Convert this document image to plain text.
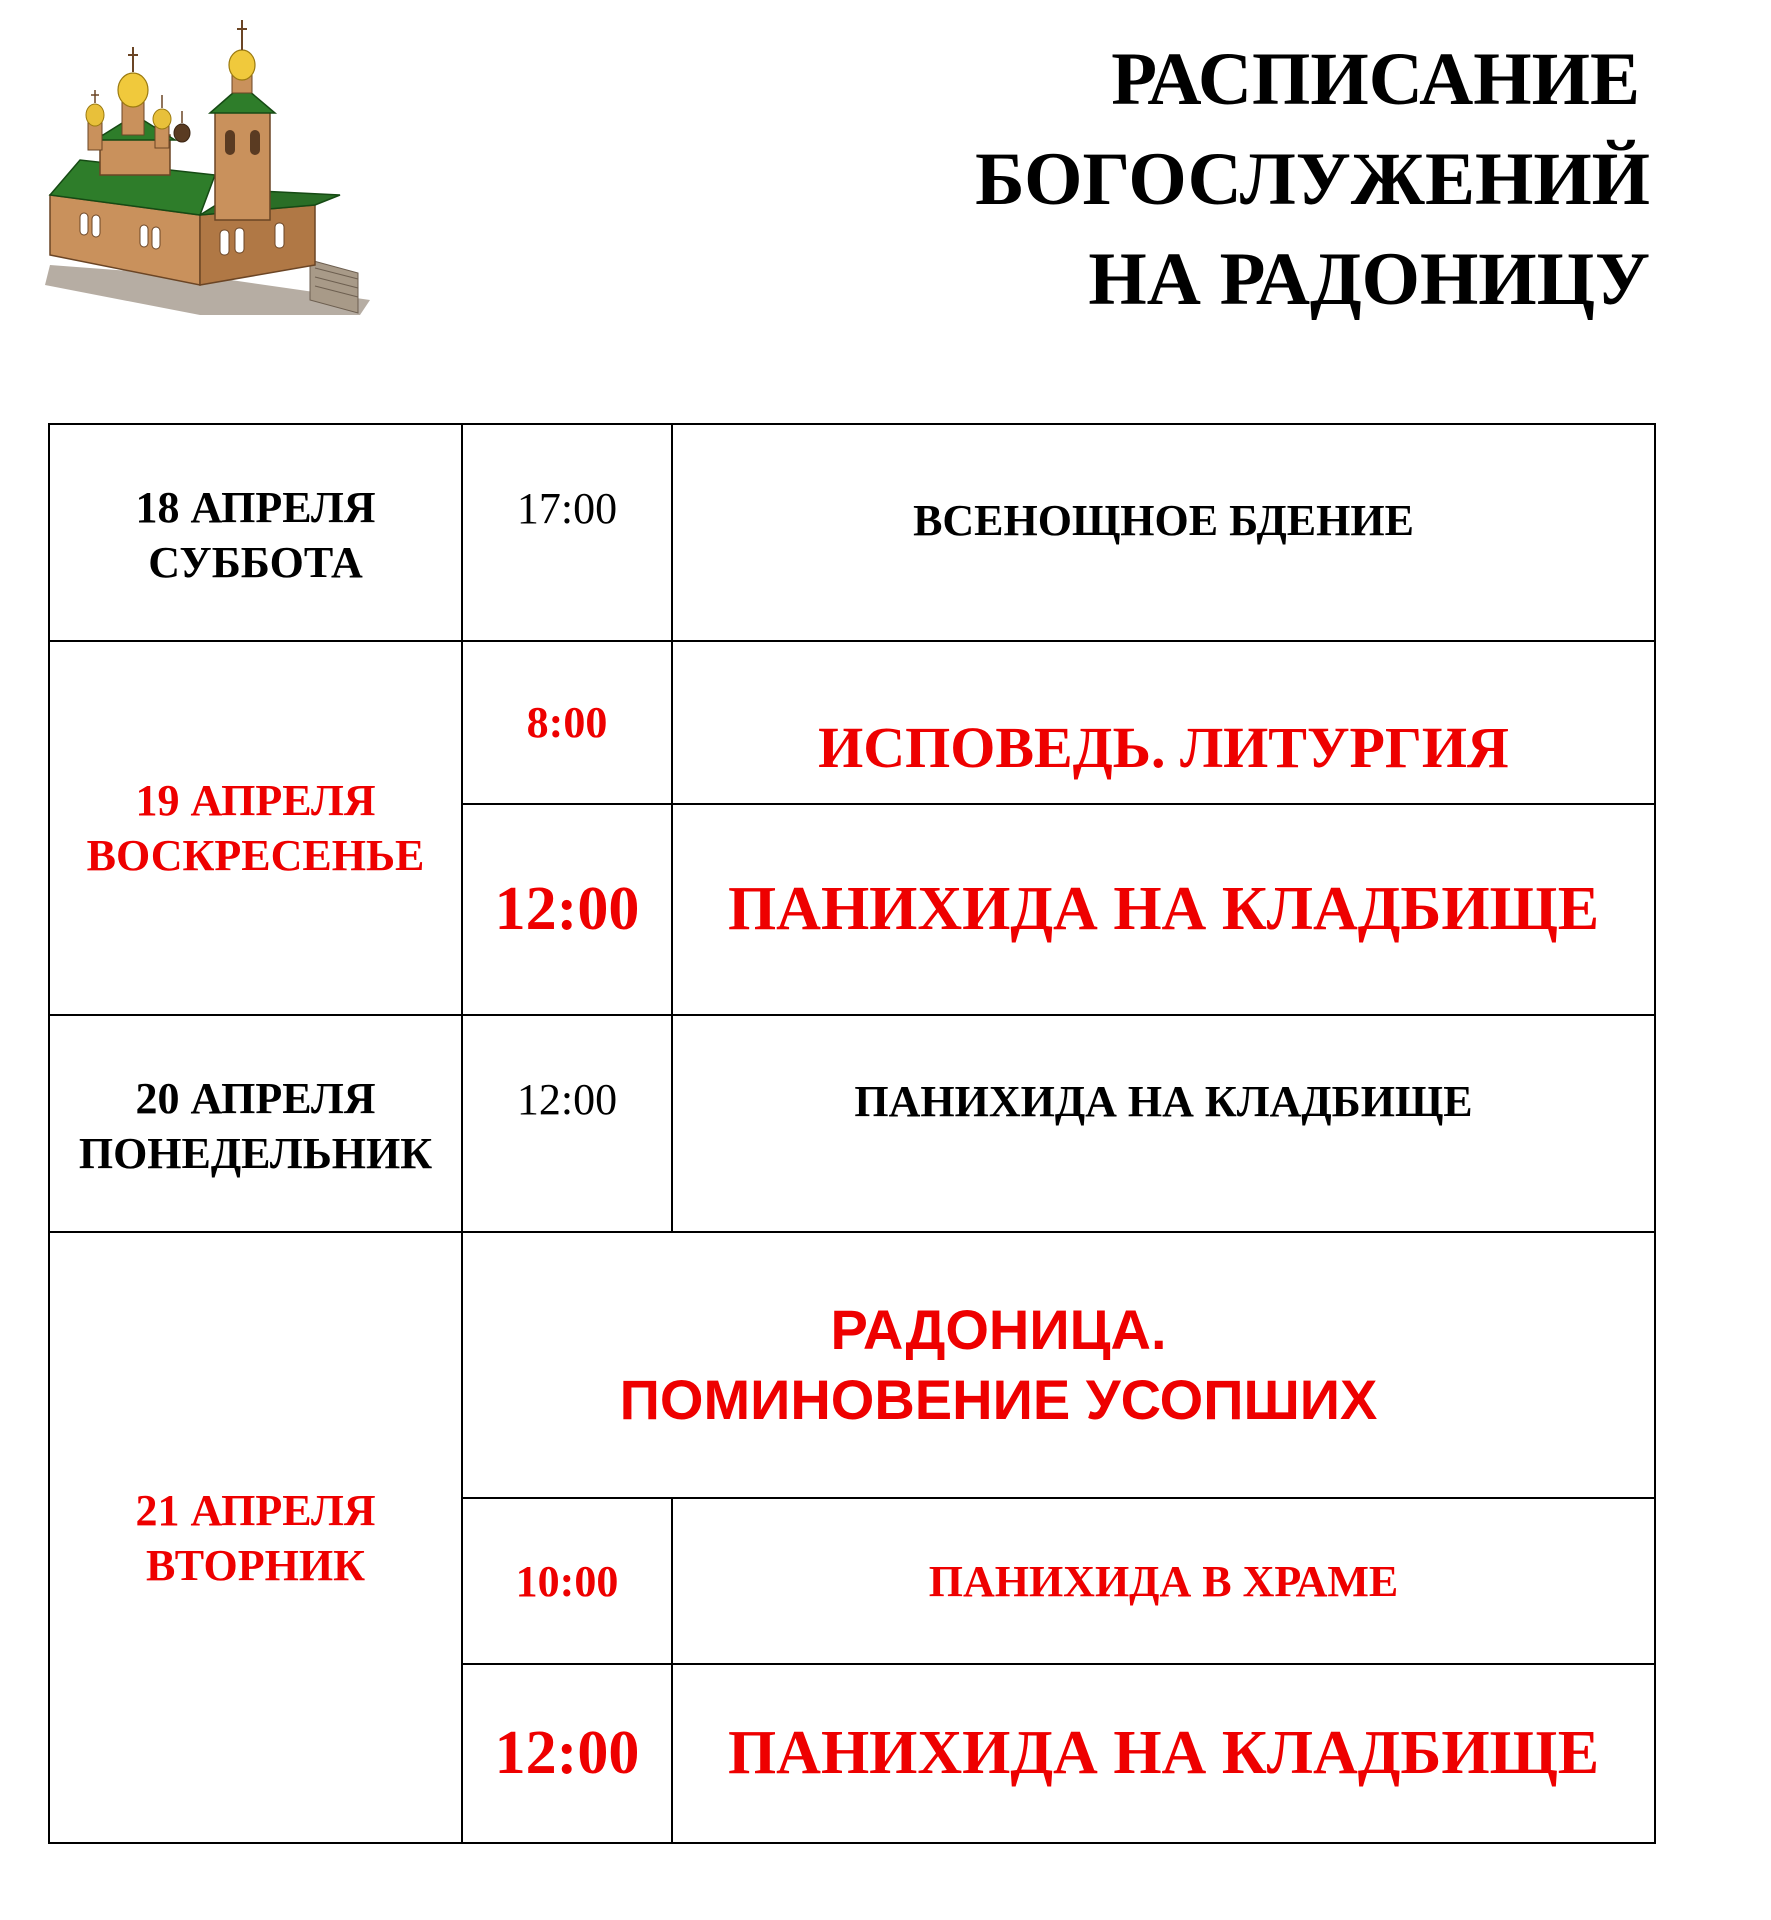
РАСПИСАНИЕ
БОГОСЛУЖЕНИЙ
НА РАДОНИЦУ
18 АПРЕЛЯ
СУББОТА	17:00	ВСЕНОЩНОЕ БДЕНИЕ

19 АПРЕЛЯ
ВОСКРЕСЕНЬЕ	8:00	ИСПОВЕДЬ. ЛИТУРГИЯ
	12:00	ПАНИХИДА НА КЛАДБИЩЕ

20 АПРЕЛЯ
ПОНЕДЕЛЬНИК	12:00	ПАНИХИДА НА КЛАДБИЩЕ

21 АПРЕЛЯ
ВТОРНИК	РАДОНИЦА.
ПОМИНОВЕНИЕ УСОПШИХ	

	10:00	ПАНИХИДА В ХРАМЕ
	12:00	ПАНИХИДА НА КЛАДБИЩЕ
